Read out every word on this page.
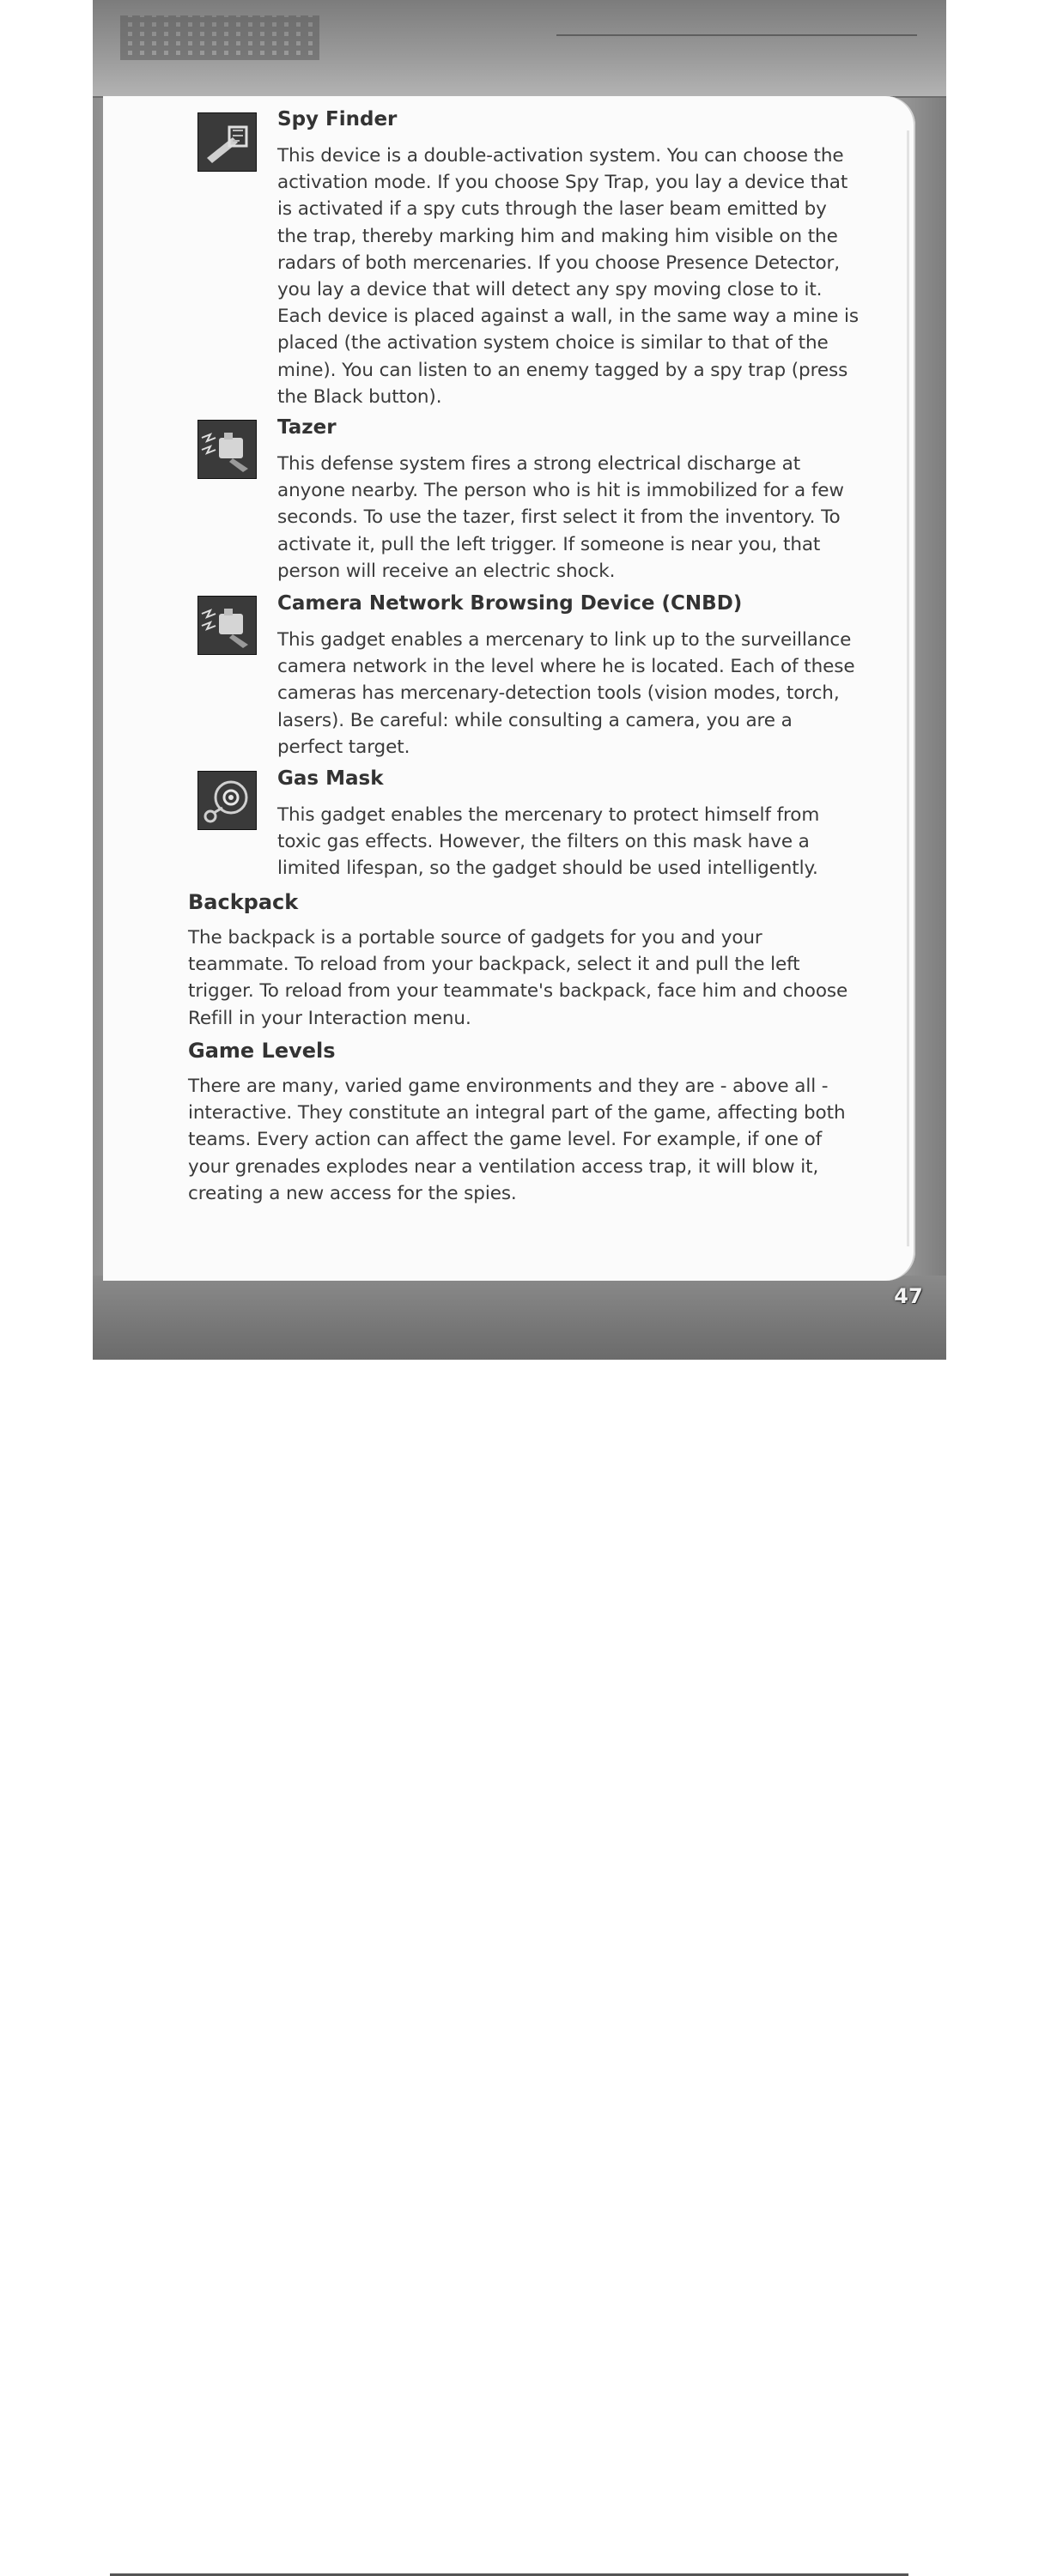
Spy Finder

This device is a double-activation system. You can choose the activation mode. If you choose Spy Trap, you lay a device that is activated if a spy cuts through the laser beam emitted by the trap, thereby marking him and making him visible on the radars of both mercenaries. If you choose Presence Detector, you lay a device that will detect any spy moving close to it. Each device is placed against a wall, in the same way a mine is placed (the activation system choice is similar to that of the mine). You can listen to an enemy tagged by a spy trap (press the Black button).

Tazer

This defense system fires a strong electrical discharge at anyone nearby. The person who is hit is immobilized for a few seconds. To use the tazer, first select it from the inventory. To activate it, pull the left trigger. If someone is near you, that person will receive an electric shock.

Camera Network Browsing Device (CNBD)

This gadget enables a mercenary to link up to the surveillance camera network in the level where he is located. Each of these cameras has mercenary-detection tools (vision modes, torch, lasers). Be careful: while consulting a camera, you are a perfect target.

Gas Mask

This gadget enables the mercenary to protect himself from toxic gas effects. However, the filters on this mask have a limited lifespan, so the gadget should be used intelligently.

Backpack

The backpack is a portable source of gadgets for you and your teammate. To reload from your backpack, select it and pull the left trigger. To reload from your teammate's backpack, face him and choose Refill in your Interaction menu.

Game Levels

There are many, varied game environments and they are - above all - interactive. They constitute an integral part of the game, affecting both teams. Every action can affect the game level. For example, if one of your grenades explodes near a ventilation access trap, it will blow it, creating a new access for the spies.

47
